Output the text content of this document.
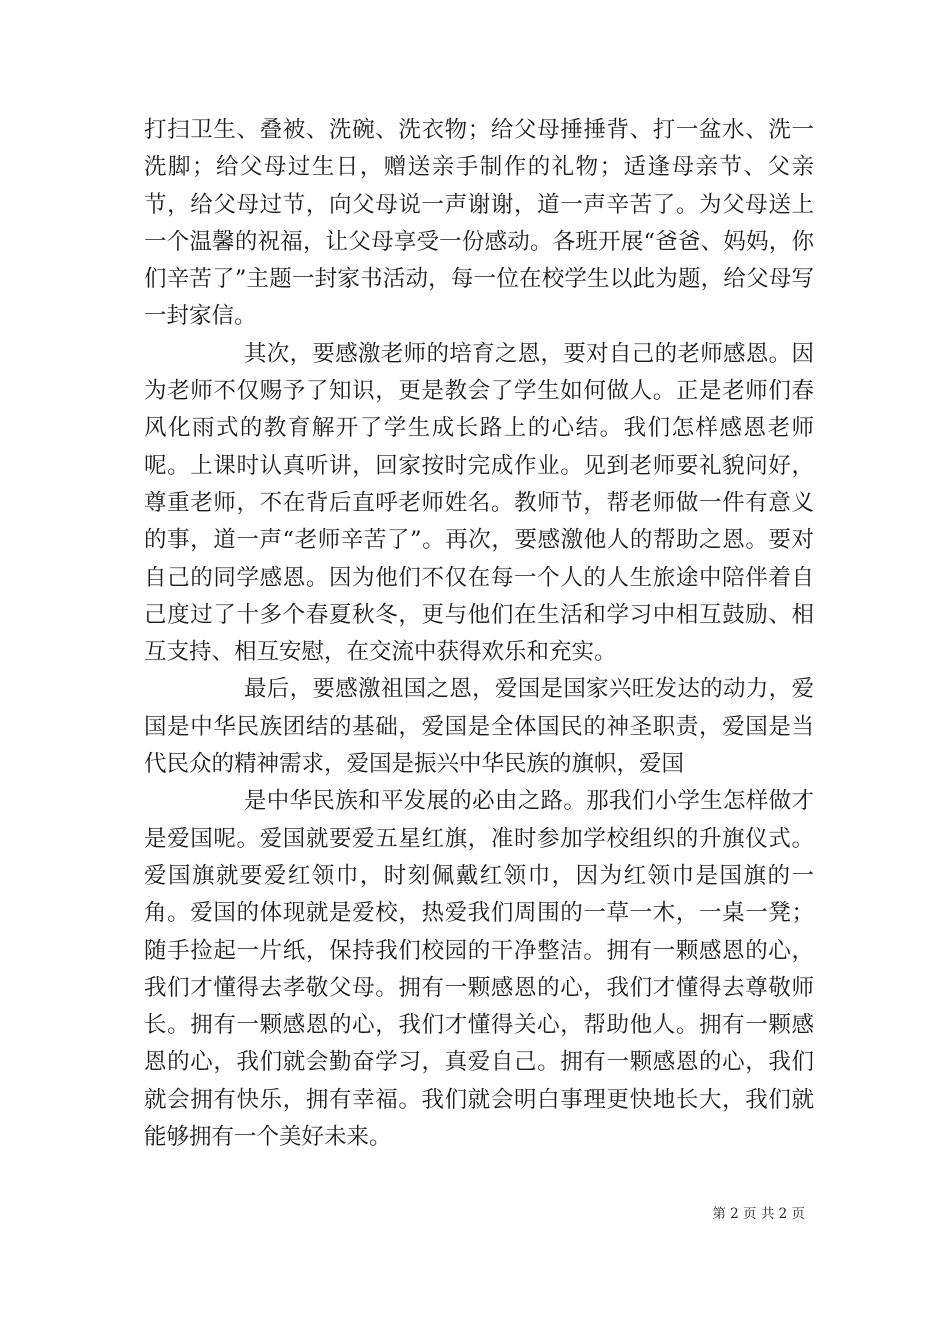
打扫卫生、叠被、洗碗、洗衣物；给父母捶捶背、打一盆水、洗一洗脚；给父母过生日，赠送亲手制作的礼物；适逢母亲节、父亲节，给父母过节，向父母说一声谢谢，道一声辛苦了。为父母送上一个温馨的祝福，让父母享受一份感动。各班开展“爸爸、妈妈，你们辛苦了”主题一封家书活动，每一位在校学生以此为题，给父母写一封家信。

其次，要感激老师的培育之恩，要对自己的老师感恩。因为老师不仅赐予了知识，更是教会了学生如何做人。正是老师们春风化雨式的教育解开了学生成长路上的心结。我们怎样感恩老师呢。上课时认真听讲，回家按时完成作业。见到老师要礼貌问好，尊重老师，不在背后直呼老师姓名。教师节，帮老师做一件有意义的事，道一声“老师辛苦了”。再次，要感激他人的帮助之恩。要对自己的同学感恩。因为他们不仅在每一个人的人生旅途中陪伴着自己度过了十多个春夏秋冬，更与他们在生活和学习中相互鼓励、相互支持、相互安慰，在交流中获得欢乐和充实。

最后，要感激祖国之恩，爱国是国家兴旺发达的动力，爱国是中华民族团结的基础，爱国是全体国民的神圣职责，爱国是当代民众的精神需求，爱国是振兴中华民族的旗帜，爱国

是中华民族和平发展的必由之路。那我们小学生怎样做才是爱国呢。爱国就要爱五星红旗，准时参加学校组织的升旗仪式。爱国旗就要爱红领巾，时刻佩戴红领巾，因为红领巾是国旗的一角。爱国的体现就是爱校，热爱我们周围的一草一木，一桌一凳；随手捡起一片纸，保持我们校园的干净整洁。拥有一颗感恩的心，我们才懂得去孝敬父母。拥有一颗感恩的心，我们才懂得去尊敬师长。拥有一颗感恩的心，我们才懂得关心，帮助他人。拥有一颗感恩的心，我们就会勤奋学习，真爱自己。拥有一颗感恩的心，我们就会拥有快乐，拥有幸福。我们就会明白事理更快地长大，我们就能够拥有一个美好未来。

第 2 页 共 2 页
